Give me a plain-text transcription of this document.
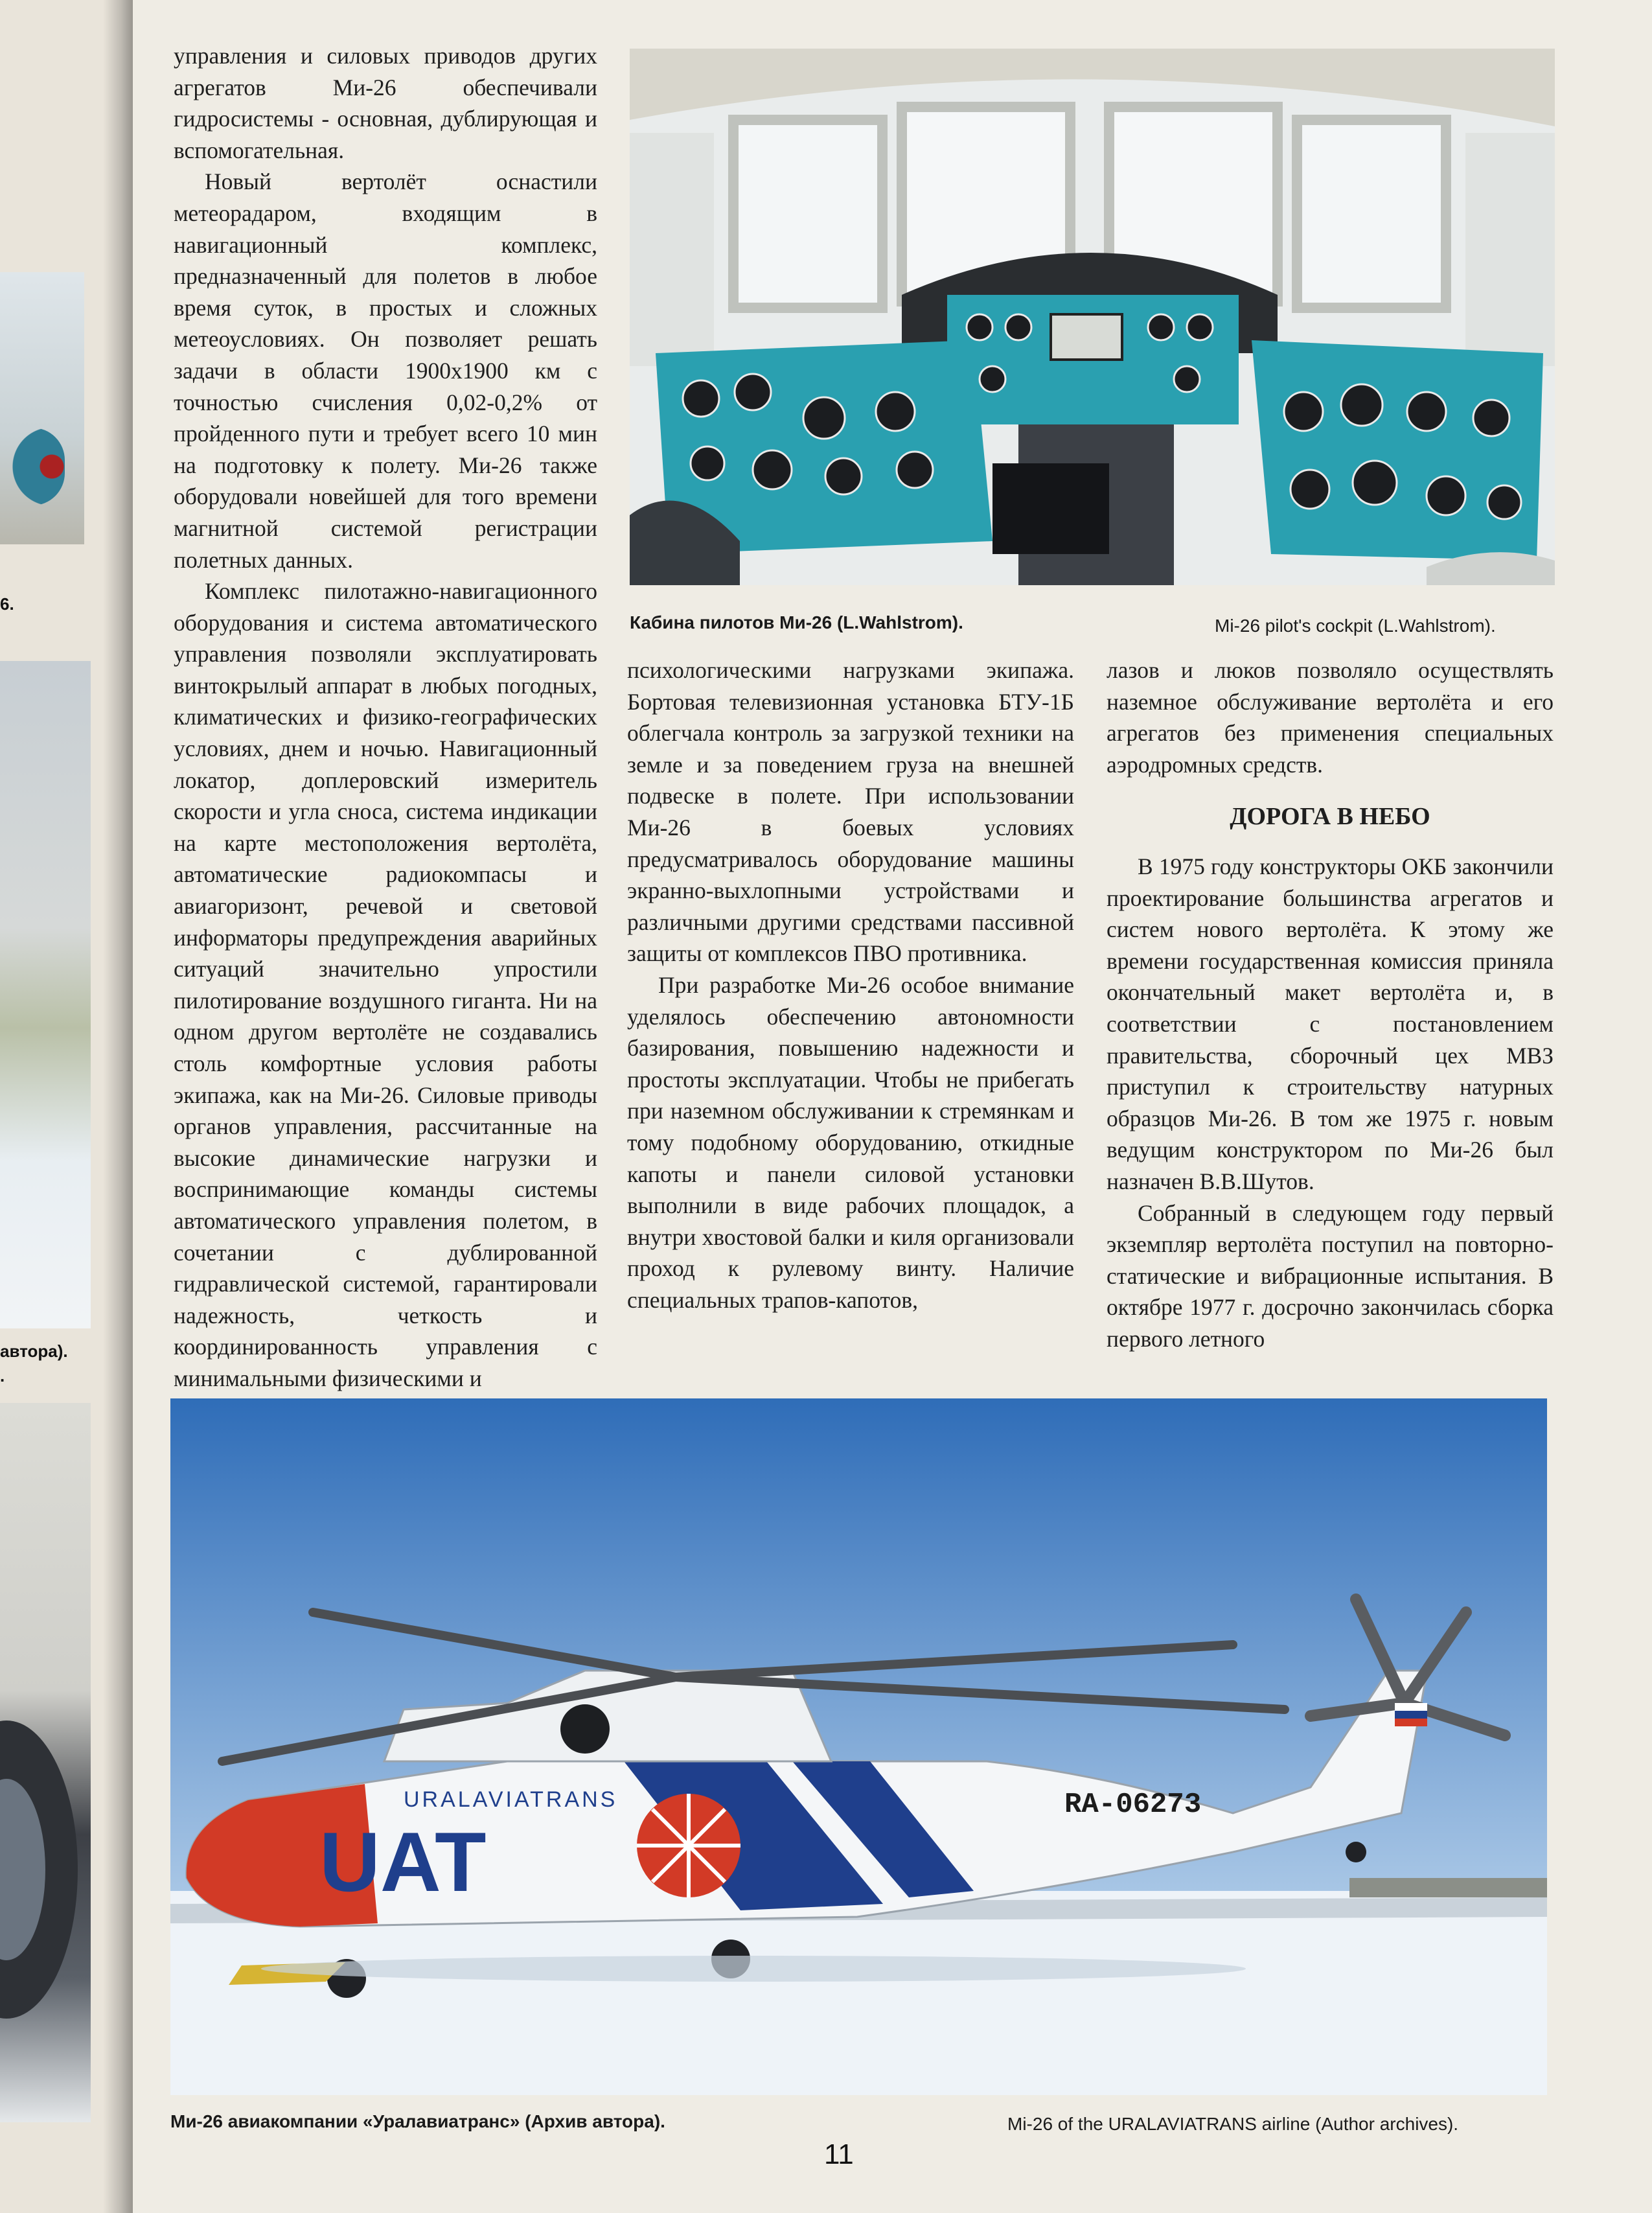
6.
автора).
.

управления и силовых приводов других агрегатов Ми-26 обеспечивали гидросистемы - основная, дублирующая и вспомогательная.

Новый вертолёт оснастили метеорадаром, входящим в навигационный комплекс, предназначенный для полетов в любое время суток, в простых и сложных метеоусловиях. Он позволяет решать задачи в области 1900х1900 км с точностью счисления 0,02-0,2% от пройденного пути и требует всего 10 мин на подготовку к полету. Ми-26 также оборудовали новейшей для того времени магнитной системой регистрации полетных данных.

Комплекс пилотажно-навигационного оборудования и система автоматического управления позволяли эксплуатировать винтокрылый аппарат в любых погодных, климатических и физико-географических условиях, днем и ночью. Навигационный локатор, доплеровский измеритель скорости и угла сноса, система индикации на карте местоположения вертолёта, автоматические радиокомпасы и авиагоризонт, речевой и световой информаторы предупреждения аварийных ситуаций значительно упростили пилотирование воздушного гиганта. Ни на одном другом вертолёте не создавались столь комфортные условия работы экипажа, как на Ми-26. Силовые приводы органов управления, рассчитанные на высокие динамические нагрузки и воспринимающие команды системы автоматического управления полетом, в сочетании с дублированной гидравлической системой, гарантировали надежность, четкость и координированность управления с минимальными физическими и

Кабина пилотов Ми-26 (L.Wahlstrom).	Mi-26 pilot's cockpit (L.Wahlstrom).

психологическими нагрузками экипажа. Бортовая телевизионная установка БТУ-1Б облегчала контроль за загрузкой техники на земле и за поведением груза на внешней подвеске в полете. При использовании Ми-26 в боевых условиях предусматривалось оборудование машины экранно-выхлопными устройствами и различными другими средствами пассивной защиты от комплексов ПВО противника.

При разработке Ми-26 особое внимание уделялось обеспечению автономности базирования, повышению надежности и простоты эксплуатации. Чтобы не прибегать при наземном обслуживании к стремянкам и тому подобному оборудованию, откидные капоты и панели силовой установки выполнили в виде рабочих площадок, а внутри хвостовой балки и киля организовали проход к рулевому винту. Наличие специальных трапов-капотов,

лазов и люков позволяло осуществлять наземное обслуживание вертолёта и его агрегатов без применения специальных аэродромных средств.

ДОРОГА В НЕБО

В 1975 году конструкторы ОКБ закончили проектирование большинства агрегатов и систем нового вертолёта. К этому же времени государственная комиссия приняла окончательный макет вертолёта и, в соответствии с постановлением правительства, сборочный цех МВЗ приступил к строительству натурных образцов Ми-26. В том же 1975 г. новым ведущим конструктором по Ми-26 был назначен В.В.Шутов.

Собранный в следующем году первый экземпляр вертолёта поступил на повторно-статические и вибрационные испытания. В октябре 1977 г. досрочно закончилась сборка первого летного

UAT
URALAVIATRANS	RA-06273
Ми-26 авиакомпании «Уралавиатранс» (Архив автора).	Mi-26 of the URALAVIATRANS airline (Author archives).
11
